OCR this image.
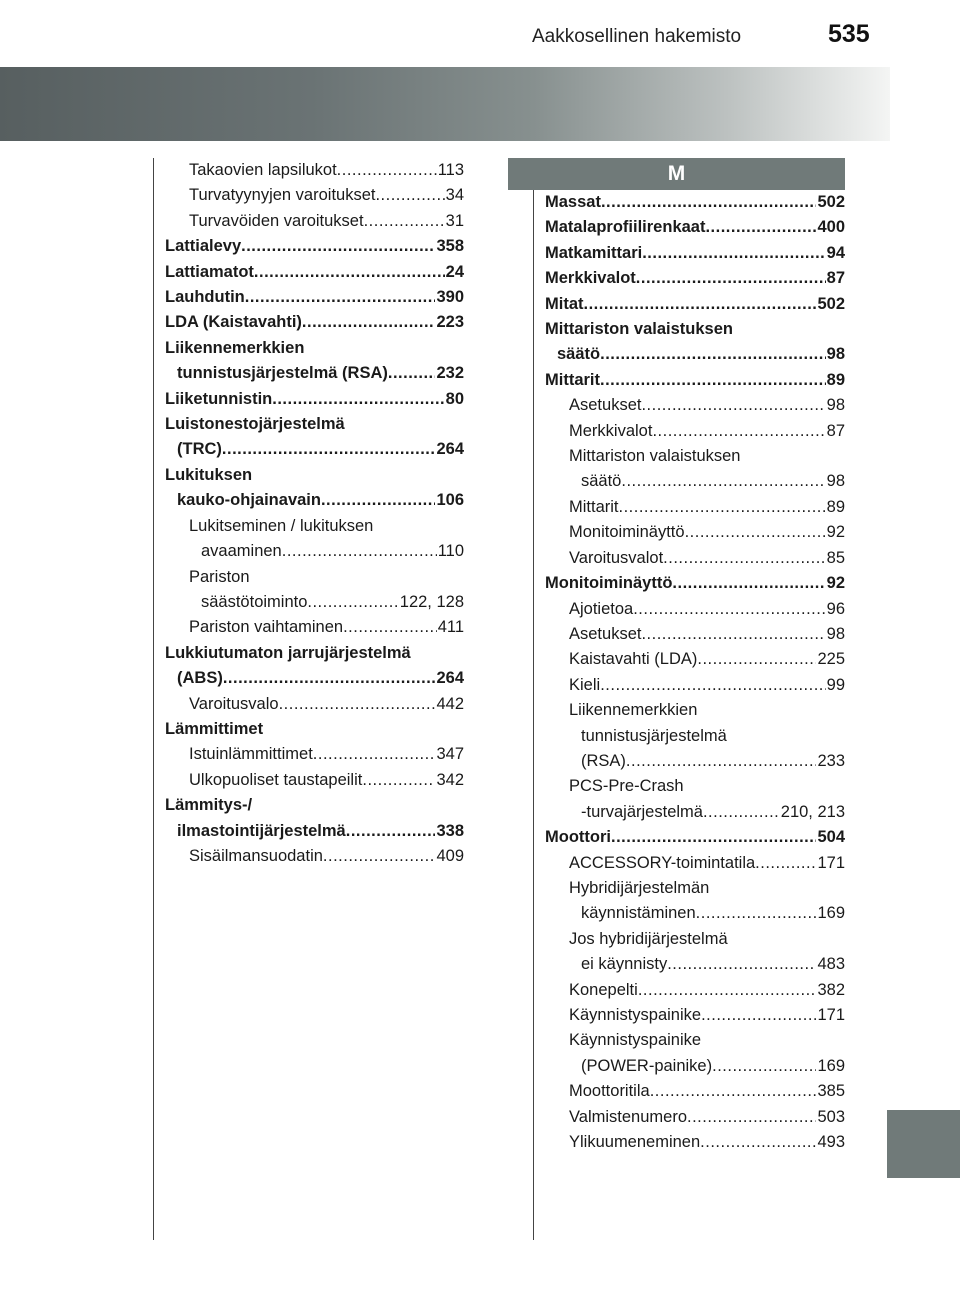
Aakkosellinen hakemisto	535
Takaovien lapsilukot .....	113
Turvatyynyjen varoitukset .....	34
Turvavöiden varoitukset .....	31
Lattialevy .....	358
Lattiamatot .....	24
Lauhdutin .....	390
LDA (Kaistavahti) .....	223
Liikennemerkkien
tunnistusjärjestelmä (RSA) .....	232
Liiketunnistin .....	80
Luistonestojärjestelmä
(TRC) .....	264
Lukituksen
kauko-ohjainavain .....	106
Lukitseminen / lukituksen
avaaminen .....	110
Pariston
säästötoiminto .....	122, 128
Pariston vaihtaminen .....	411
Lukkiutumaton jarrujärjestelmä
(ABS) .....	264
Varoitusvalo .....	442
Lämmittimet
Istuinlämmittimet .....	347
Ulkopuoliset taustapeilit .....	342
Lämmitys-/
ilmastointijärjestelmä .....	338
Sisäilmansuodatin .....	409
M
Massat .....	502
Matalaprofiilirenkaat .....	400
Matkamittari .....	94
Merkkivalot .....	87
Mitat .....	502
Mittariston valaistuksen
säätö .....	98
Mittarit .....	89
Asetukset .....	98
Merkkivalot .....	87
Mittariston valaistuksen
säätö .....	98
Mittarit .....	89
Monitoiminäyttö .....	92
Varoitusvalot .....	85
Monitoiminäyttö .....	92
Ajotietoa .....	96
Asetukset .....	98
Kaistavahti (LDA) .....	225
Kieli .....	99
Liikennemerkkien
tunnistusjärjestelmä
(RSA) .....	233
PCS-Pre-Crash
-turvajärjestelmä .....	210, 213
Moottori .....	504
ACCESSORY-toimintatila .....	171
Hybridijärjestelmän
käynnistäminen .....	169
Jos hybridijärjestelmä
ei käynnisty .....	483
Konepelti .....	382
Käynnistyspainike .....	171
Käynnistyspainike
(POWER-painike) .....	169
Moottoritila .....	385
Valmistenumero .....	503
Ylikuumeneminen .....	493
